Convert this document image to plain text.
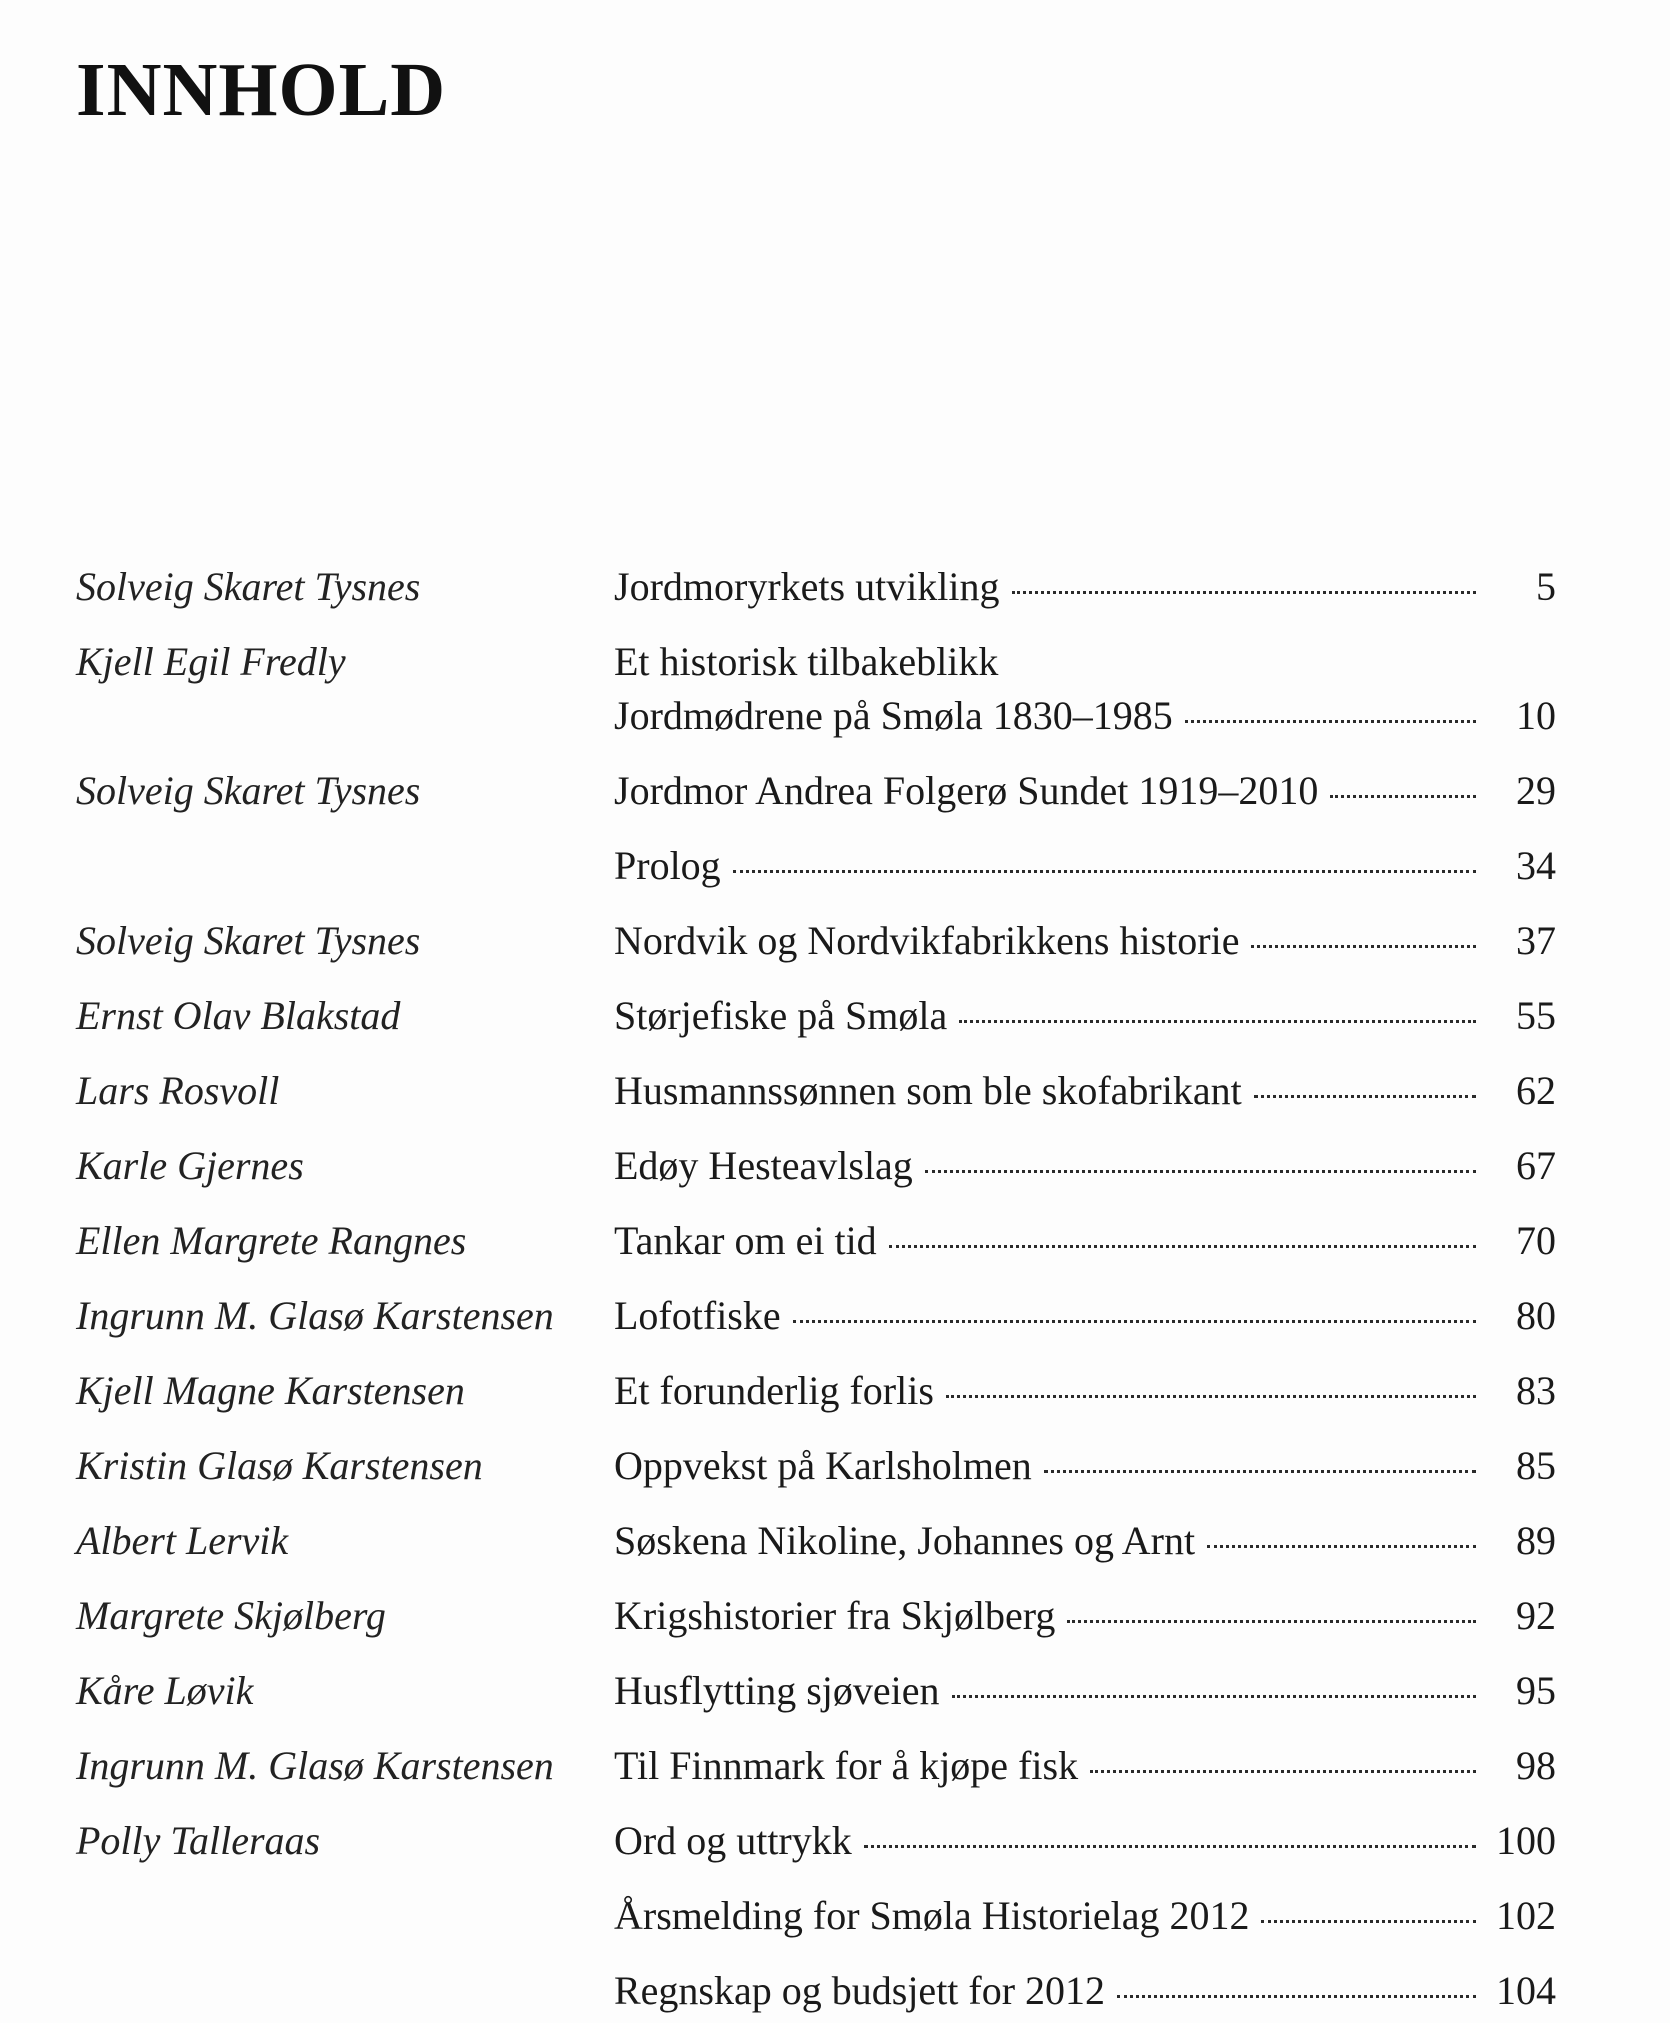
INNHOLD
Solveig Skaret Tysnes	Jordmoryrkets utvikling	5
Kjell Egil Fredly	Et historisk tilbakeblikk
Jordmødrene på Smøla 1830–1985	10
Solveig Skaret Tysnes	Jordmor Andrea Folgerø Sundet 1919–2010	29
Prolog	34
Solveig Skaret Tysnes	Nordvik og Nordvikfabrikkens historie	37
Ernst Olav Blakstad	Størjefiske på Smøla	55
Lars Rosvoll	Husmannssønnen som ble skofabrikant	62
Karle Gjernes	Edøy Hesteavlslag	67
Ellen Margrete Rangnes	Tankar om ei tid	70
Ingrunn M. Glasø Karstensen	Lofotfiske	80
Kjell Magne Karstensen	Et forunderlig forlis	83
Kristin Glasø Karstensen	Oppvekst på Karlsholmen	85
Albert Lervik	Søskena Nikoline, Johannes og Arnt	89
Margrete Skjølberg	Krigshistorier fra Skjølberg	92
Kåre Løvik	Husflytting sjøveien	95
Ingrunn M. Glasø Karstensen	Til Finnmark for å kjøpe fisk	98
Polly Talleraas	Ord og uttrykk	100
Årsmelding for Smøla Historielag 2012	102
Regnskap og budsjett for 2012	104
